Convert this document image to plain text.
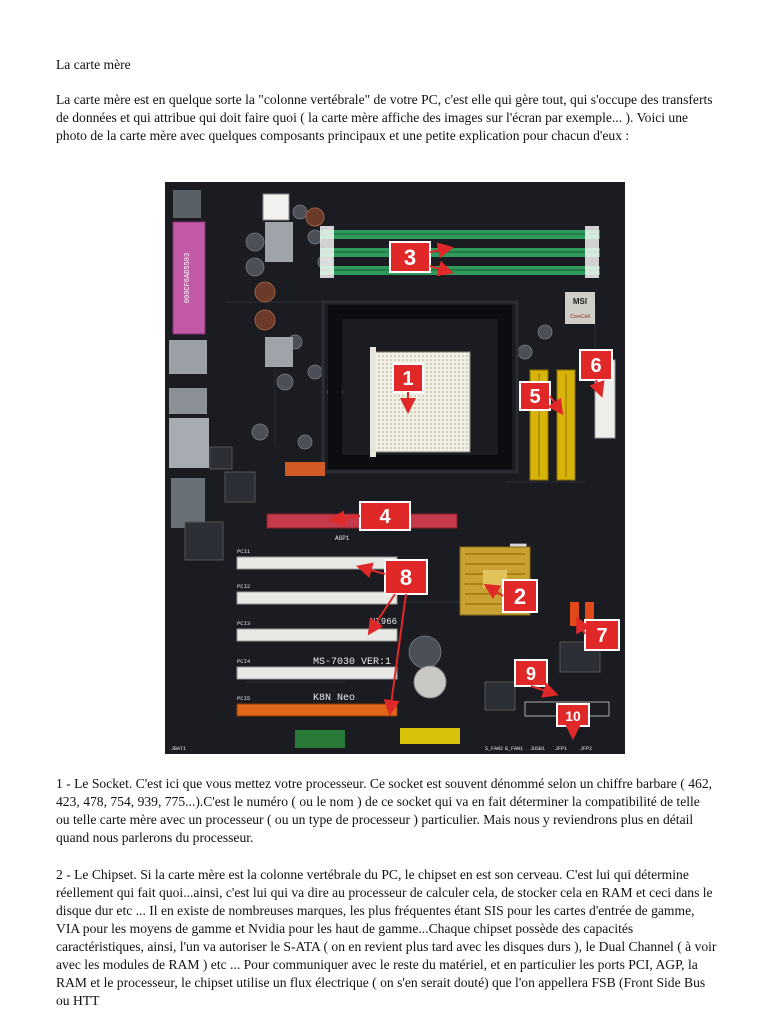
La carte mère
La carte mère est en quelque sorte la "colonne vertébrale" de votre PC, c'est elle qui gère tout, qui s'occupe des transferts de données et qui attribue qui doit faire quoi ( la carte mère affiche des images sur l'écran par exemple... ). Voici une photo de la carte mère avec quelques composants principaux et une petite explication pour chacun d'eux :
000CF6AD5503	MSI
CoreCell
AGP1
PCI1
PCI2
PCI3
PCI4
PCI5
NI966
MS-7030 VER:1
K8N Neo
JBAT1	S_FAN2 B_FAN1 JUSB1 JFP1	JFP2
3
1
5
6
4
8
2
7
9
10
1 - Le Socket. C'est ici que vous mettez votre processeur. Ce socket est souvent dénommé selon un chiffre barbare ( 462, 423, 478, 754, 939, 775...).C'est le numéro ( ou le nom ) de ce socket qui va en fait déterminer la compatibilité de telle ou telle carte mère avec un processeur ( ou un type de processeur ) particulier. Mais nous y reviendrons plus en détail quand nous parlerons du processeur.
2 - Le Chipset. Si la carte mère est la colonne vertébrale du PC, le chipset en est son cerveau. C'est lui qui détermine réellement qui fait quoi...ainsi, c'est lui qui va dire au processeur de calculer cela, de stocker cela en RAM et ceci dans le disque dur etc ... Il en existe de nombreuses marques, les plus fréquentes étant SIS pour les cartes d'entrée de gamme, VIA pour les moyens de gamme et Nvidia pour les haut de gamme...Chaque chipset possède des capacités caractéristiques, ainsi, l'un va autoriser le S-ATA ( on en revient plus tard avec les disques durs ), le Dual Channel ( à voir avec les modules de RAM ) etc ... Pour communiquer avec le reste du matériel, et en particulier les ports PCI, AGP, la RAM et le processeur, le chipset utilise un flux électrique ( on s'en serait douté) que l'on appellera FSB (Front Side Bus ou HTT
